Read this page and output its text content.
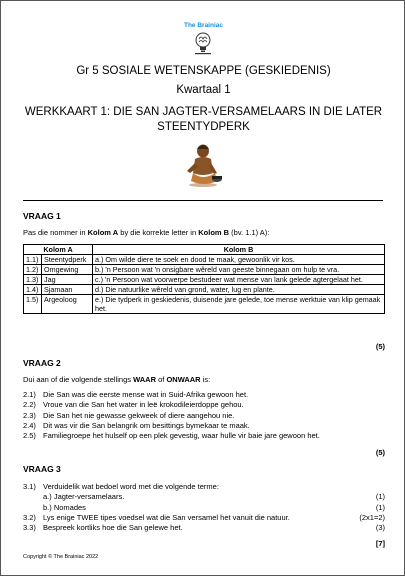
The Brainiac
Gr 5 SOSIALE WETENSKAPPE (GESKIEDENIS)
Kwartaal 1
WERKKAART 1: DIE SAN JAGTER-VERSAMELAARS IN DIE LATER STEENTYDPERK
VRAAG 1
Pas die nommer in Kolom A by die korrekte letter in Kolom B (bv. 1.1) A):
Kolom A		Kolom B
1.1)	Steentydperk	a.) Om wilde diere te soek en dood te maak, gewoonlik vir kos.
1.2)	Omgewing	b.) 'n Persoon wat 'n onsigbare wêreld van geeste binnegaan om hulp te vra.
1.3)	Jag	c.) 'n Persoon wat voorwerpe bestudeer wat mense van lank gelede agtergelaat het.
1.4)	Sjamaan	d.) Die natuurlike wêreld van grond, water, lug en plante.
1.5)	Argeoloog	e.) Die tydperk in geskiedenis, duisende jare gelede, toe mense werktuie van klip gemaak het.
(5)
VRAAG 2
Dui aan of die volgende stellings WAAR of ONWAAR is:
2.1) Die San was die eerste mense wat in Suid-Afrika gewoon het.
2.2) Vroue van die San het water in leë krokodileierdoppe gehou.
2.3) Die San het nie gewasse gekweek of diere aangehou nie.
2.4) Dit was vir die San belangrik om besittings bymekaar te maak.
2.5) Familiegroepe het hulself op een plek gevestig, waar hulle vir baie jare gewoon het.
(5)
VRAAG 3
3.1) Verduidelik wat bedoel word met die volgende terme:
a.) Jagter-versamelaars.	(1)
b.) Nomades	(1)
3.2) Lys enige TWEE tipes voedsel wat die San versamel het vanuit die natuur.	(2x1=2)
3.3) Bespreek kortliks hoe die San gelewe het.	(3)
[7]
Copyright © The Brainiac 2022
